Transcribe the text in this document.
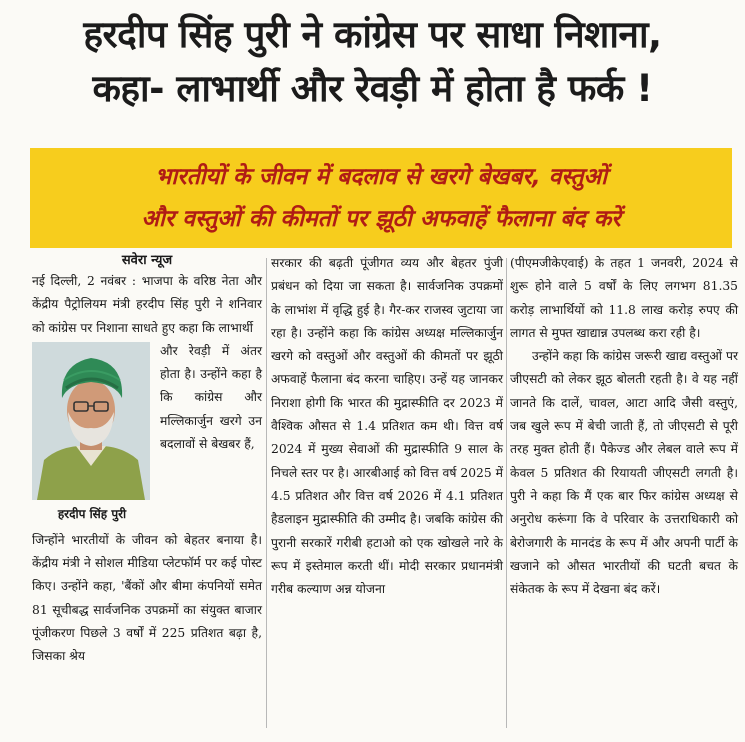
हरदीप सिंह पुरी ने कांग्रेस पर साधा निशाना,
कहा- लाभार्थी और रेवड़ी में होता है फर्क !
भारतीयों के जीवन में बदलाव से खरगे बेखबर, वस्तुओं
और वस्तुओं की कीमतों पर झूठी अफवाहें फैलाना बंद करें
सवेरा न्यूज

नई दिल्ली, 2 नवंबर : भाजपा के वरिष्ठ नेता और केंद्रीय पैट्रोलियम मंत्री हरदीप सिंह पुरी ने शनिवार को कांग्रेस पर निशाना साधते हुए कहा कि लाभार्थी

हरदीप सिंह पुरी

और रेवड़ी में अंतर होता है। उन्होंने कहा है कि कांग्रेस और मल्लिकार्जुन खरगे उन बदलावों से बेखबर हैं,

जिन्होंने भारतीयों के जीवन को बेहतर बनाया है। केंद्रीय मंत्री ने सोशल मीडिया प्लेटफॉर्म पर कई पोस्ट किए। उन्होंने कहा, 'बैंकों और बीमा कंपनियों समेत 81 सूचीबद्ध सार्वजनिक उपक्रमों का संयुक्त बाजार पूंजीकरण पिछले 3 वर्षों में 225 प्रतिशत बढ़ा है, जिसका श्रेय

सरकार की बढ़ती पूंजीगत व्यय और बेहतर पुंजी प्रबंधन को दिया जा सकता है। सार्वजनिक उपक्रमों के लाभांश में वृद्धि हुई है। गैर-कर राजस्व जुटाया जा रहा है। उन्होंने कहा कि कांग्रेस अध्यक्ष मल्लिकार्जुन खरगे को वस्तुओं और वस्तुओं की कीमतों पर झूठी अफवाहें फैलाना बंद करना चाहिए। उन्हें यह जानकर निराशा होगी कि भारत की मुद्रास्फीति दर 2023 में वैश्विक औसत से 1.4 प्रतिशत कम थी। वित्त वर्ष 2024 में मुख्य सेवाओं की मुद्रास्फीति 9 साल के निचले स्तर पर है। आरबीआई को वित्त वर्ष 2025 में 4.5 प्रतिशत और वित्त वर्ष 2026 में 4.1 प्रतिशत हैडलाइन मुद्रास्फीति की उम्मीद है। जबकि कांग्रेस की पुरानी सरकारें गरीबी हटाओ को एक खोखले नारे के रूप में इस्तेमाल करती थीं। मोदी सरकार प्रधानमंत्री गरीब कल्याण अन्न योजना

(पीएमजीकेएवाई) के तहत 1 जनवरी, 2024 से शुरू होने वाले 5 वर्षों के लिए लगभग 81.35 करोड़ लाभार्थियों को 11.8 लाख करोड़ रुपए की लागत से मुफ्त खाद्यान्न उपलब्ध करा रही है।

उन्होंने कहा कि कांग्रेस जरूरी खाद्य वस्तुओं पर जीएसटी को लेकर झूठ बोलती रहती है। वे यह नहीं जानते कि दालें, चावल, आटा आदि जैसी वस्तुएं, जब खुले रूप में बेची जाती हैं, तो जीएसटी से पूरी तरह मुक्त होती हैं। पैकेज्ड और लेबल वाले रूप में केवल 5 प्रतिशत की रियायती जीएसटी लगती है। पुरी ने कहा कि मैं एक बार फिर कांग्रेस अध्यक्ष से अनुरोध करूंगा कि वे परिवार के उत्तराधिकारी को बेरोजगारी के मानदंड के रूप में और अपनी पार्टी के खजाने को औसत भारतीयों की घटती बचत के संकेतक के रूप में देखना बंद करें।
